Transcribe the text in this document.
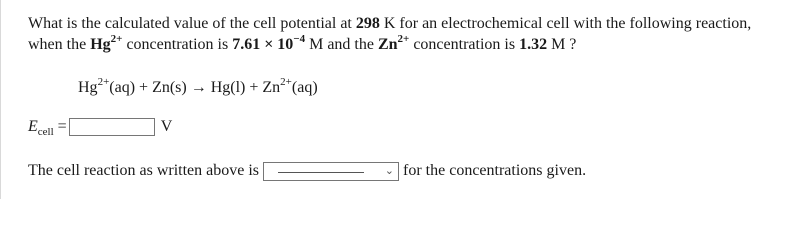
What is the calculated value of the cell potential at 298 K for an electrochemical cell with the following reaction,
when the $Hg^{2+}$ concentration is $7.61 \times 10^{-4}$ M and the $Zn^{2+}$ concentration is 1.32 M ?
$Hg^{2+}(aq) + Zn(s) \to Hg(l) + Zn^{2+}(aq)$
$E_{cell}$ =	V
The cell reaction as written above is	⌄ for the concentrations given.
